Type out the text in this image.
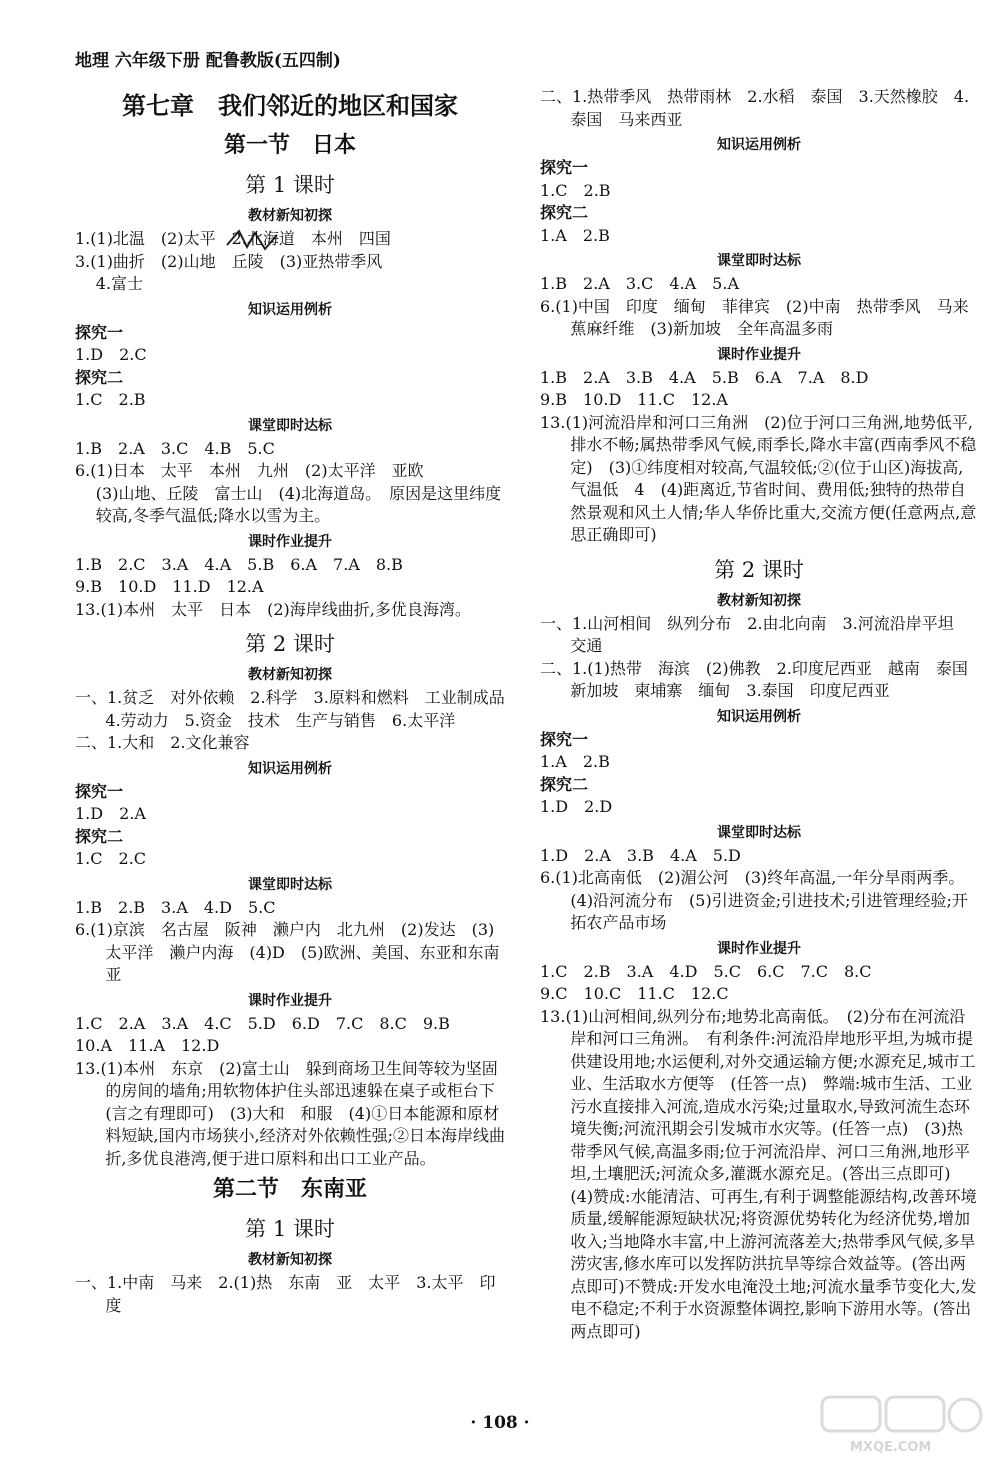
地理 六年级下册 配鲁教版(五四制)
第七章　我们邻近的地区和国家
第一节　日本
第 1 课时
教材新知初探
1.(1)北温　(2)太平　2.北海道　本州　四国
3.(1)曲折　(2)山地　丘陵　(3)亚热带季风
4.富士
知识运用例析
探究一
1.D　2.C
探究二
1.C　2.B
课堂即时达标
1.B　2.A　3.C　4.B　5.C
6.(1)日本　太平　本州　九州　(2)太平洋　亚欧
(3)山地、丘陵　富士山　(4)北海道岛。　原因是这里纬度较高,冬季气温低;降水以雪为主。
课时作业提升
1.B　2.C　3.A　4.A　5.B　6.A　7.A　8.B
9.B　10.D　11.D　12.A
13.(1)本州　太平　日本　(2)海岸线曲折,多优良海湾。
第 2 课时
教材新知初探
一、1.贫乏　对外依赖　2.科学　3.原料和燃料　工业制成品　4.劳动力　5.资金　技术　生产与销售　6.太平洋
二、1.大和　2.文化兼容
知识运用例析
探究一
1.D　2.A
探究二
1.C　2.C
课堂即时达标
1.B　2.B　3.A　4.D　5.C
6.(1)京滨　名古屋　阪神　濑户内　北九州　(2)发达　(3)太平洋　濑户内海　(4)D　(5)欧洲、美国、东亚和东南亚
课时作业提升
1.C　2.A　3.A　4.C　5.D　6.D　7.C　8.C　9.B
10.A　11.A　12.D
13.(1)本州　东京　(2)富士山　躲到商场卫生间等较为坚固的房间的墙角;用软物体护住头部迅速躲在桌子或柜台下(言之有理即可)　(3)大和　和服　(4)①日本能源和原材料短缺,国内市场狭小,经济对外依赖性强;②日本海岸线曲折,多优良港湾,便于进口原料和出口工业产品。
第二节　东南亚
第 1 课时
教材新知初探
一、1.中南　马来　2.(1)热　东南　亚　太平　3.太平　印度
二、1.热带季风　热带雨林　2.水稻　泰国　3.天然橡胶　4.泰国　马来西亚
知识运用例析
探究一
1.C　2.B
探究二
1.A　2.B
课堂即时达标
1.B　2.A　3.C　4.A　5.A
6.(1)中国　印度　缅甸　菲律宾　(2)中南　热带季风　马来　蕉麻纤维　(3)新加坡　全年高温多雨
课时作业提升
1.B　2.A　3.B　4.A　5.B　6.A　7.A　8.D
9.B　10.D　11.C　12.A
13.(1)河流沿岸和河口三角洲　(2)位于河口三角洲,地势低平,排水不畅;属热带季风气候,雨季长,降水丰富(西南季风不稳定)　(3)①纬度相对较高,气温较低;②(位于山区)海拔高,气温低　4　(4)距离近,节省时间、费用低;独特的热带自然景观和风土人情;华人华侨比重大,交流方便(任意两点,意思正确即可)
第 2 课时
教材新知初探
一、1.山河相间　纵列分布　2.由北向南　3.河流沿岸平坦　交通
二、1.(1)热带　海滨　(2)佛教　2.印度尼西亚　越南　泰国　新加坡　柬埔寨　缅甸　3.泰国　印度尼西亚
知识运用例析
探究一
1.A　2.B
探究二
1.D　2.D
课堂即时达标
1.D　2.A　3.B　4.A　5.D
6.(1)北高南低　(2)湄公河　(3)终年高温,一年分旱雨两季。　(4)沿河流分布　(5)引进资金;引进技术;引进管理经验;开拓农产品市场
课时作业提升
1.C　2.B　3.A　4.D　5.C　6.C　7.C　8.C
9.C　10.C　11.C　12.C
13.(1)山河相间,纵列分布;地势北高南低。　(2)分布在河流沿岸和河口三角洲。　有利条件:河流沿岸地形平坦,为城市提供建设用地;水运便利,对外交通运输方便;水源充足,城市工业、生活取水方便等　(任答一点)　弊端:城市生活、工业污水直接排入河流,造成水污染;过量取水,导致河流生态环境失衡;河流汛期会引发城市水灾等。(任答一点)　(3)热带季风气候,高温多雨;位于河流沿岸、河口三角洲,地形平坦,土壤肥沃;河流众多,灌溉水源充足。(答出三点即可)　(4)赞成:水能清洁、可再生,有利于调整能源结构,改善环境质量,缓解能源短缺状况;将资源优势转化为经济优势,增加收入;当地降水丰富,中上游河流落差大;热带季风气候,多旱涝灾害,修水库可以发挥防洪抗旱等综合效益等。(答出两点即可)不赞成:开发水电淹没土地;河流水量季节变化大,发电不稳定;不利于水资源整体调控,影响下游用水等。(答出两点即可)
· 108 ·
MXQE.COM
